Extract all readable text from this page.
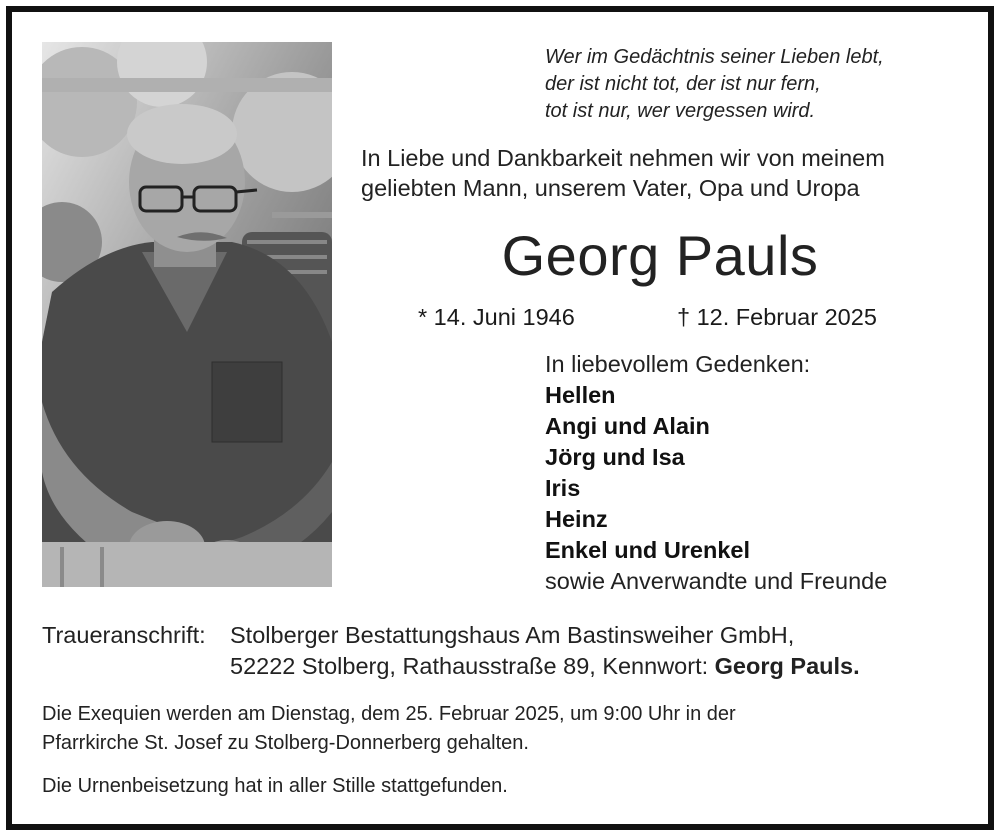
Wer im Gedächtnis seiner Lieben lebt,
der ist nicht tot, der ist nur fern,
tot ist nur, wer vergessen wird.
In Liebe und Dankbarkeit nehmen wir von meinem
geliebten Mann, unserem Vater, Opa und Uropa
Georg Pauls
* 14. Juni 1946	† 12. Februar 2025
In liebevollem Gedenken:
Hellen
Angi und Alain
Jörg und Isa
Iris
Heinz
Enkel und Urenkel
sowie Anverwandte und Freunde
Traueranschrift: Stolberger Bestattungshaus Am Bastinsweiher GmbH,
52222 Stolberg, Rathausstraße 89, Kennwort: Georg Pauls.
Die Exequien werden am Dienstag, dem 25. Februar 2025, um 9:00 Uhr in der
Pfarrkirche St. Josef zu Stolberg-Donnerberg gehalten.
Die Urnenbeisetzung hat in aller Stille stattgefunden.
